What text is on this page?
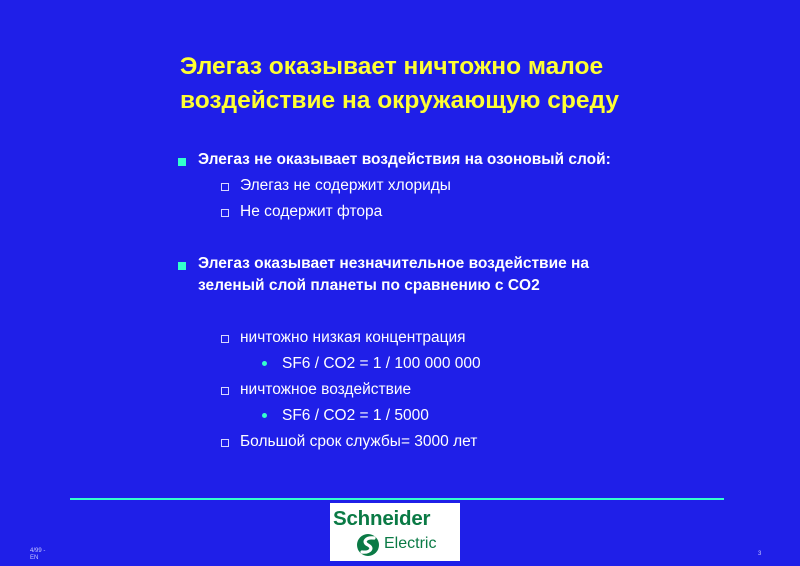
Элегаз оказывает ничтожно малое
воздействие на окружающую среду
Элегаз не оказывает воздействия на озоновый слой:
Элегаз не содержит хлориды
Не содержит фтора
Элегаз оказывает незначительное воздействие на
зеленый слой планеты по сравнению с CO2
ничтожно низкая концентрация
SF6 / CO2 = 1 / 100 000 000
ничтожное воздействие
SF6 / CO2 = 1 / 5000
Большой срок службы= 3000 лет
Schneider
Electric
4/99 -
EN
3
